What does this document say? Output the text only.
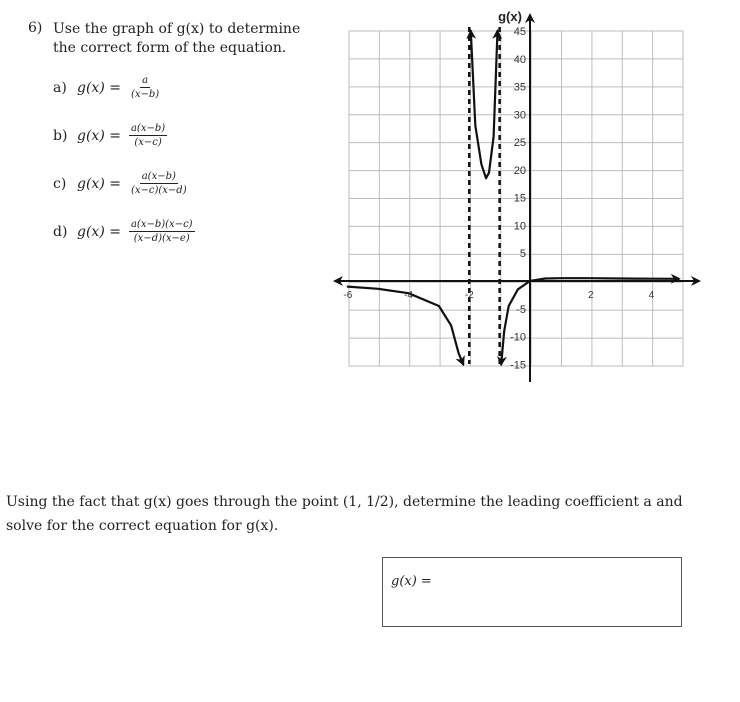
6) Use the graph of g(x) to determine the correct form of the equation.
a) $g(x) = \frac{a}{(x-b)}$
b) $g(x) = \frac{a(x-b)}{(x-c)}$
c) $g(x) = \frac{a(x-b)}{(x-c)(x-d)}$
d) $g(x) = \frac{a(x-b)(x-c)}{(x-d)(x-e)}$
-6	-4	-2	2	4
45
40
35
30
25
20
15
10
5
-5
-10
-15
g(x)
Using the fact that g(x) goes through the point (1, 1/2), determine the leading coefficient a and solve for the correct equation for g(x).
g(x) =
